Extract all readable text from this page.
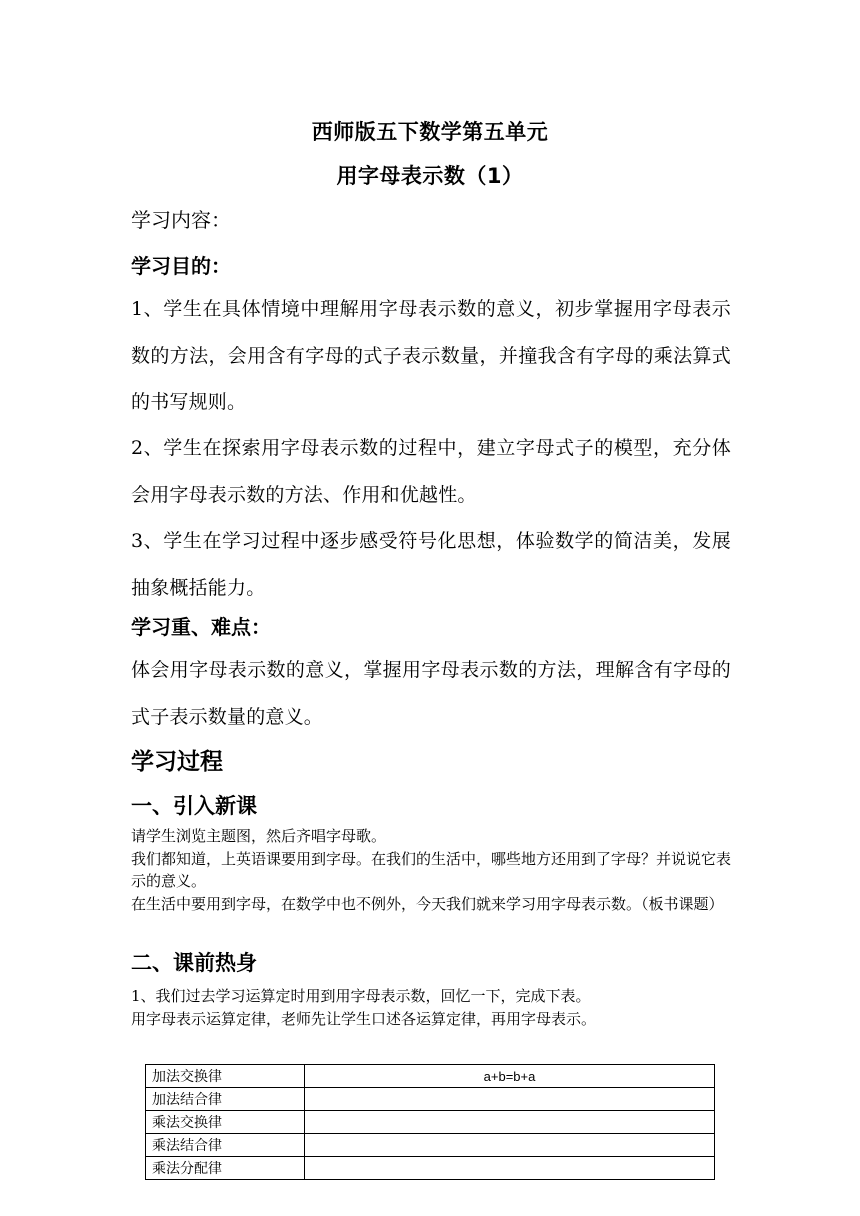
西师版五下数学第五单元
用字母表示数（1）
学习内容：
学习目的：
1、学生在具体情境中理解用字母表示数的意义，初步掌握用字母表示数的方法，会用含有字母的式子表示数量，并撞我含有字母的乘法算式的书写规则。
2、学生在探索用字母表示数的过程中，建立字母式子的模型，充分体会用字母表示数的方法、作用和优越性。
3、学生在学习过程中逐步感受符号化思想，体验数学的简洁美，发展抽象概括能力。
学习重、难点：
体会用字母表示数的意义，掌握用字母表示数的方法，理解含有字母的式子表示数量的意义。
学习过程
一、引入新课

请学生浏览主题图，然后齐唱字母歌。

我们都知道，上英语课要用到字母。在我们的生活中，哪些地方还用到了字母？并说说它表示的意义。

在生活中要用到字母，在数学中也不例外，今天我们就来学习用字母表示数。（板书课题）

二、课前热身

1、我们过去学习运算定时用到用字母表示数，回忆一下，完成下表。

用字母表示运算定律，老师先让学生口述各运算定律，再用字母表示。

加法交换律	a+b=b+a
加法结合律	
乘法交换律	
乘法结合律	
乘法分配律	
